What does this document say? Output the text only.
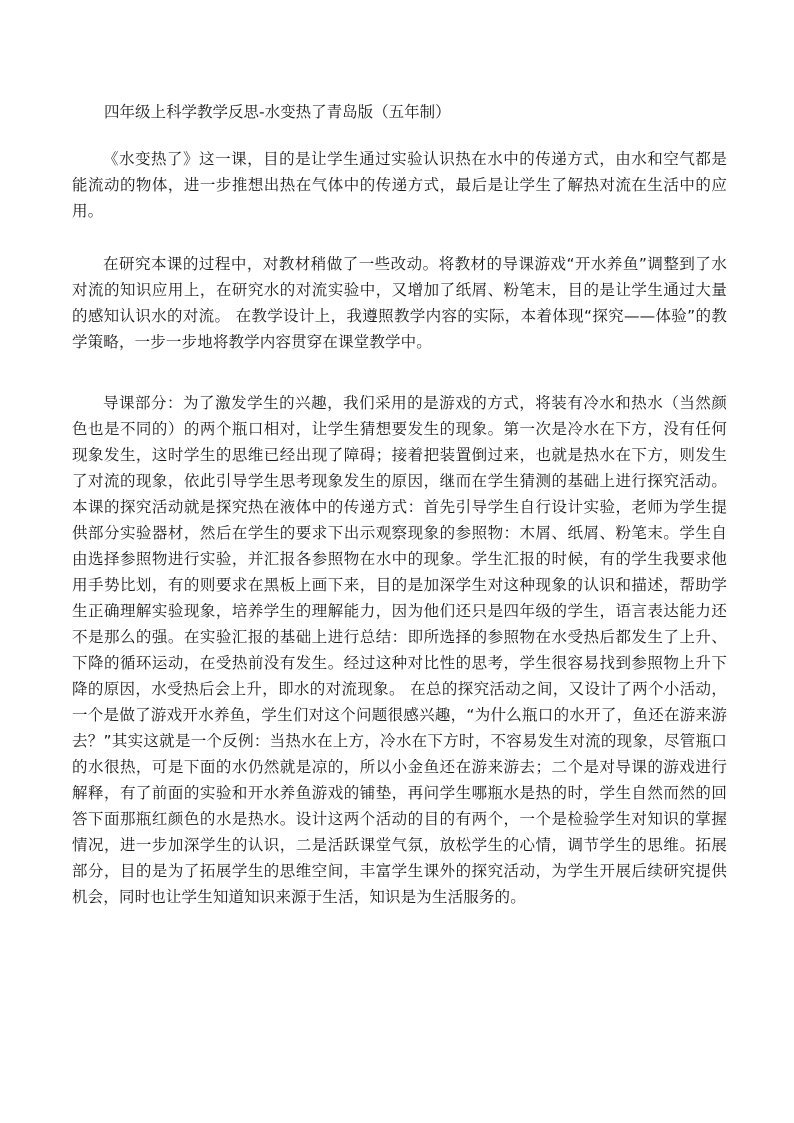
四年级上科学教学反思-水变热了青岛版（五年制）

《水变热了》这一课，目的是让学生通过实验认识热在水中的传递方式，由水和空气都是能流动的物体，进一步推想出热在气体中的传递方式，最后是让学生了解热对流在生活中的应用。

在研究本课的过程中，对教材稍做了一些改动。将教材的导课游戏“开水养鱼”调整到了水对流的知识应用上，在研究水的对流实验中，又增加了纸屑、粉笔末，目的是让学生通过大量的感知认识水的对流。 在教学设计上，我遵照教学内容的实际，本着体现“探究——体验”的教学策略，一步一步地将教学内容贯穿在课堂教学中。

导课部分：为了激发学生的兴趣，我们采用的是游戏的方式，将装有冷水和热水（当然颜色也是不同的）的两个瓶口相对，让学生猜想要发生的现象。第一次是冷水在下方，没有任何现象发生，这时学生的思维已经出现了障碍；接着把装置倒过来，也就是热水在下方，则发生了对流的现象，依此引导学生思考现象发生的原因，继而在学生猜测的基础上进行探究活动。本课的探究活动就是探究热在液体中的传递方式：首先引导学生自行设计实验，老师为学生提供部分实验器材，然后在学生的要求下出示观察现象的参照物：木屑、纸屑、粉笔末。学生自由选择参照物进行实验，并汇报各参照物在水中的现象。学生汇报的时候，有的学生我要求他用手势比划，有的则要求在黑板上画下来，目的是加深学生对这种现象的认识和描述，帮助学生正确理解实验现象，培养学生的理解能力，因为他们还只是四年级的学生，语言表达能力还不是那么的强。在实验汇报的基础上进行总结：即所选择的参照物在水受热后都发生了上升、下降的循环运动，在受热前没有发生。经过这种对比性的思考，学生很容易找到参照物上升下降的原因，水受热后会上升，即水的对流现象。 在总的探究活动之间，又设计了两个小活动，一个是做了游戏开水养鱼，学生们对这个问题很感兴趣，“为什么瓶口的水开了，鱼还在游来游去？”其实这就是一个反例：当热水在上方，冷水在下方时，不容易发生对流的现象，尽管瓶口的水很热，可是下面的水仍然就是凉的，所以小金鱼还在游来游去；二个是对导课的游戏进行解释，有了前面的实验和开水养鱼游戏的铺垫，再问学生哪瓶水是热的时，学生自然而然的回答下面那瓶红颜色的水是热水。设计这两个活动的目的有两个，一个是检验学生对知识的掌握情况，进一步加深学生的认识，二是活跃课堂气氛，放松学生的心情，调节学生的思维。拓展部分，目的是为了拓展学生的思维空间，丰富学生课外的探究活动，为学生开展后续研究提供机会，同时也让学生知道知识来源于生活，知识是为生活服务的。
